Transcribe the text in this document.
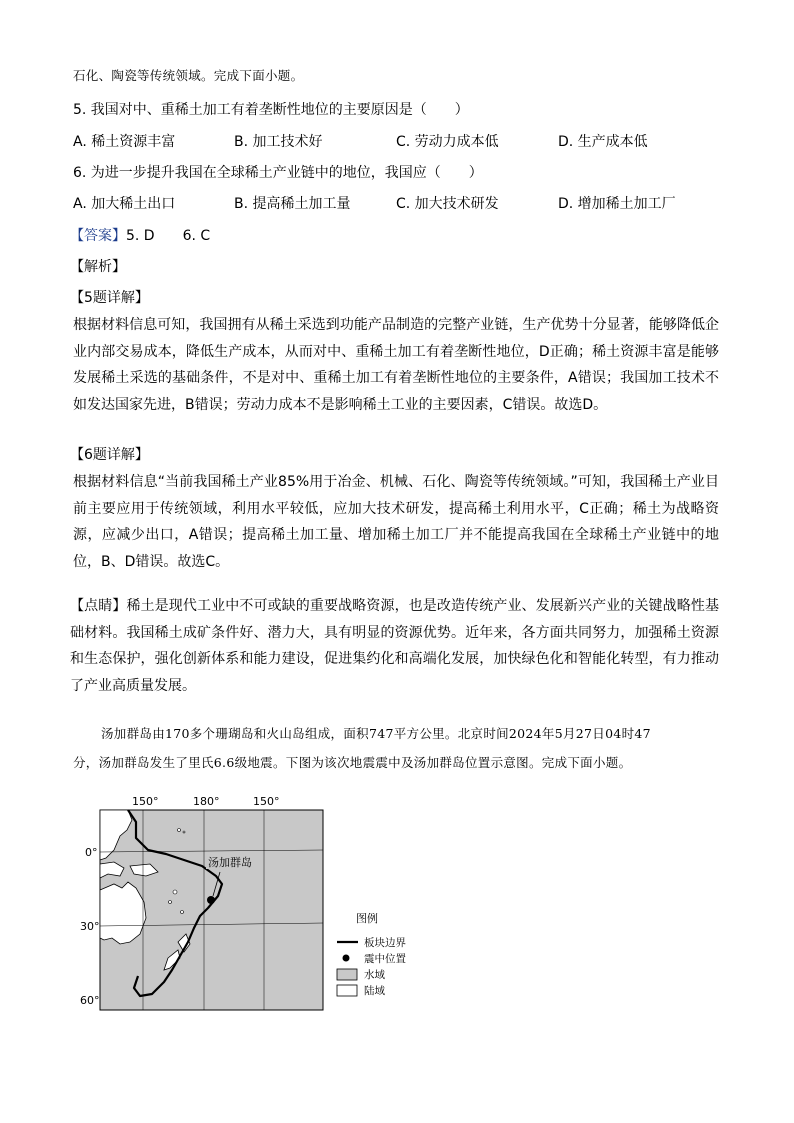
石化、陶瓷等传统领域。完成下面小题。
5. 我国对中、重稀土加工有着垄断性地位的主要原因是（　　）
A. 稀土资源丰富	B. 加工技术好	C. 劳动力成本低	D. 生产成本低
6. 为进一步提升我国在全球稀土产业链中的地位，我国应（　　）
A. 加大稀土出口	B. 提高稀土加工量	C. 加大技术研发	D. 增加稀土加工厂
【答案】5. D　　6. C
【解析】
【5题详解】
根据材料信息可知，我国拥有从稀土采选到功能产品制造的完整产业链，生产优势十分显著，能够降低企业内部交易成本，降低生产成本，从而对中、重稀土加工有着垄断性地位，D正确；稀土资源丰富是能够发展稀土采选的基础条件，不是对中、重稀土加工有着垄断性地位的主要条件，A错误；我国加工技术不如发达国家先进，B错误；劳动力成本不是影响稀土工业的主要因素，C错误。故选D。
【6题详解】
根据材料信息“当前我国稀土产业85%用于冶金、机械、石化、陶瓷等传统领域。”可知，我国稀土产业目前主要应用于传统领域，利用水平较低，应加大技术研发，提高稀土利用水平，C正确；稀土为战略资源，应减少出口，A错误；提高稀土加工量、增加稀土加工厂并不能提高我国在全球稀土产业链中的地位，B、D错误。故选C。
【点睛】稀土是现代工业中不可或缺的重要战略资源，也是改造传统产业、发展新兴产业的关键战略性基础材料。我国稀土成矿条件好、潜力大，具有明显的资源优势。近年来，各方面共同努力，加强稀土资源和生态保护，强化创新体系和能力建设，促进集约化和高端化发展，加快绿色化和智能化转型，有力推动了产业高质量发展。
汤加群岛由170多个珊瑚岛和火山岛组成，面积747平方公里。北京时间2024年5月27日04时47
分，汤加群岛发生了里氏6.6级地震。下图为该次地震震中及汤加群岛位置示意图。完成下面小题。
150°	180°	150°
0°
30°
60°
汤加群岛
图例
板块边界
震中位置
水域
陆域
